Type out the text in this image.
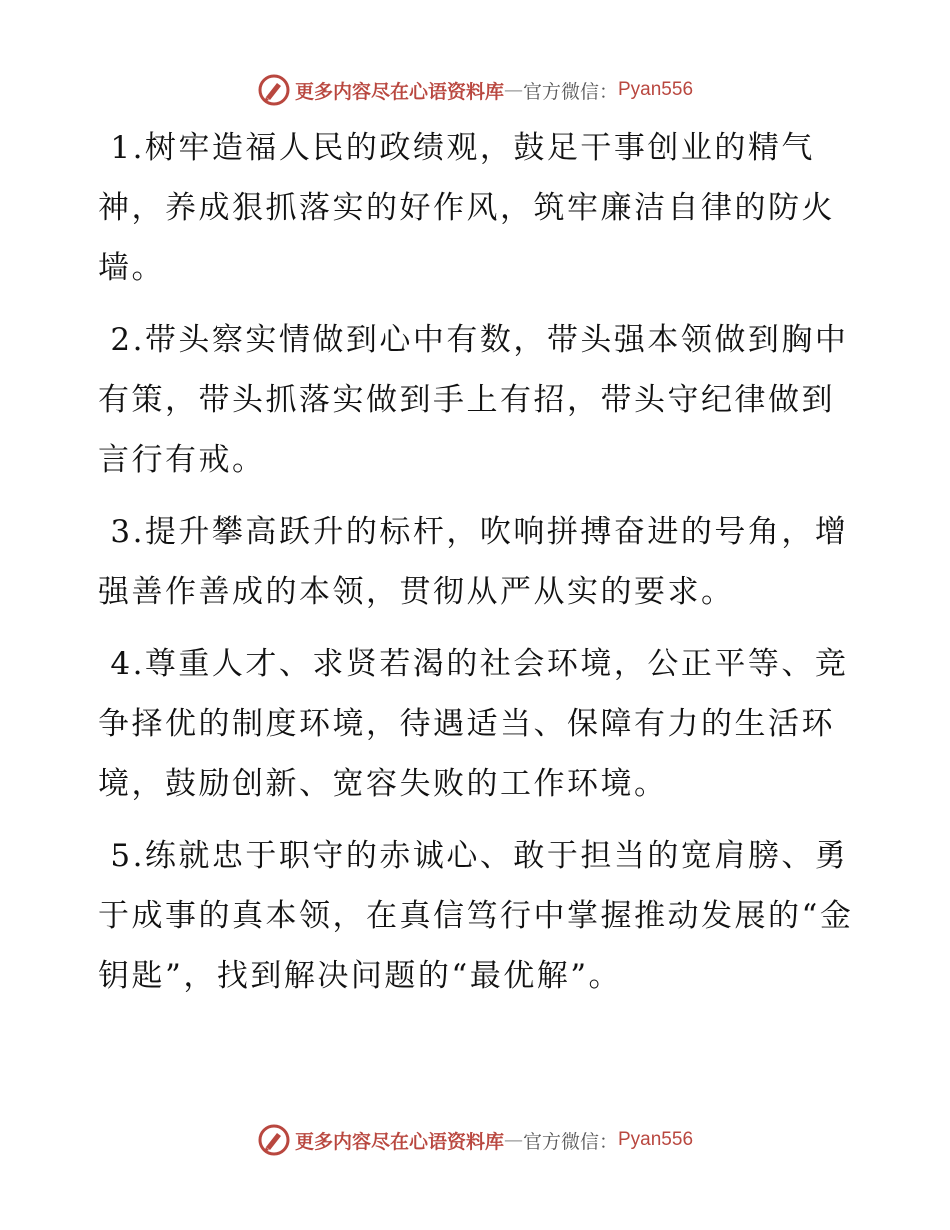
更多内容尽在心语资料库 — 官方微信： Pyan556

1.树牢造福人民的政绩观，鼓足干事创业的精气神，养成狠抓落实的好作风，筑牢廉洁自律的防火墙。

2.带头察实情做到心中有数，带头强本领做到胸中有策，带头抓落实做到手上有招，带头守纪律做到言行有戒。

3.提升攀高跃升的标杆，吹响拼搏奋进的号角，增强善作善成的本领，贯彻从严从实的要求。

4.尊重人才、求贤若渴的社会环境，公正平等、竞争择优的制度环境，待遇适当、保障有力的生活环境，鼓励创新、宽容失败的工作环境。

5.练就忠于职守的赤诚心、敢于担当的宽肩膀、勇于成事的真本领，在真信笃行中掌握推动发展的“金钥匙”，找到解决问题的“最优解”。

更多内容尽在心语资料库 — 官方微信： Pyan556
